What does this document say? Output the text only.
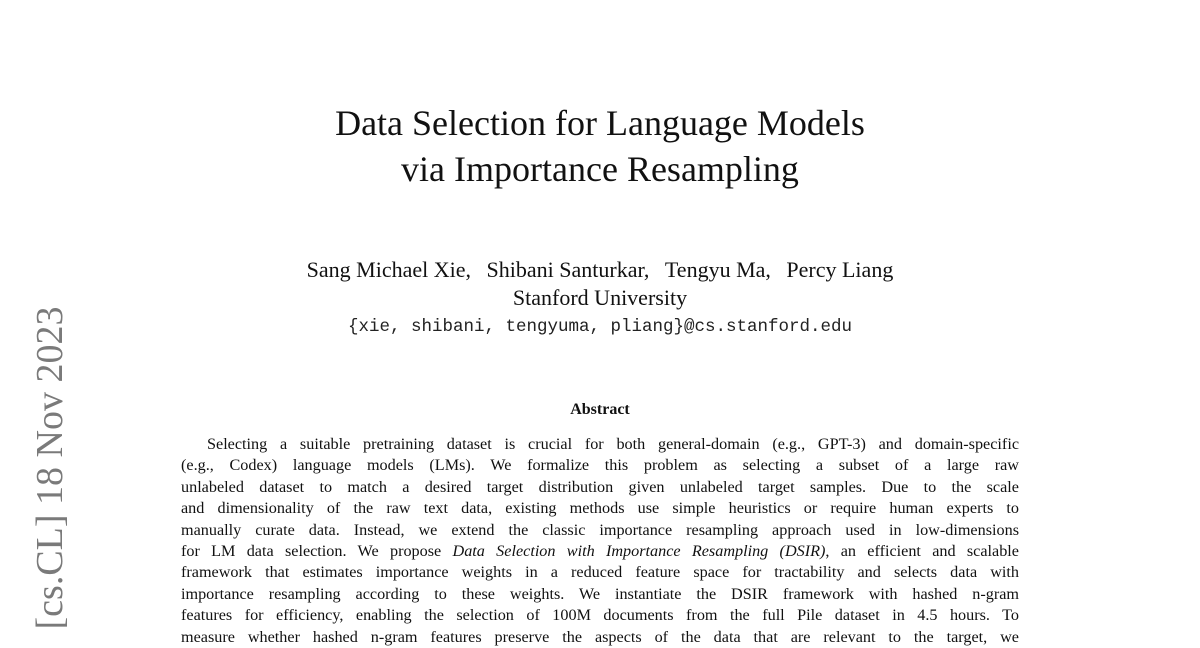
[cs.CL] 18 Nov 2023
Data Selection for Language Models
via Importance Resampling
Sang Michael Xie, Shibani Santurkar, Tengyu Ma, Percy Liang
Stanford University
{xie, shibani, tengyuma, pliang}@cs.stanford.edu
Abstract
Selecting a suitable pretraining dataset is crucial for both general-domain (e.g., GPT-3) and domain-specific
(e.g., Codex) language models (LMs). We formalize this problem as selecting a subset of a large raw
unlabeled dataset to match a desired target distribution given unlabeled target samples. Due to the scale
and dimensionality of the raw text data, existing methods use simple heuristics or require human experts to
manually curate data. Instead, we extend the classic importance resampling approach used in low-dimensions
for LM data selection. We propose Data Selection with Importance Resampling (DSIR), an efficient and scalable
framework that estimates importance weights in a reduced feature space for tractability and selects data with
importance resampling according to these weights. We instantiate the DSIR framework with hashed n-gram
features for efficiency, enabling the selection of 100M documents from the full Pile dataset in 4.5 hours. To
measure whether hashed n-gram features preserve the aspects of the data that are relevant to the target, we
